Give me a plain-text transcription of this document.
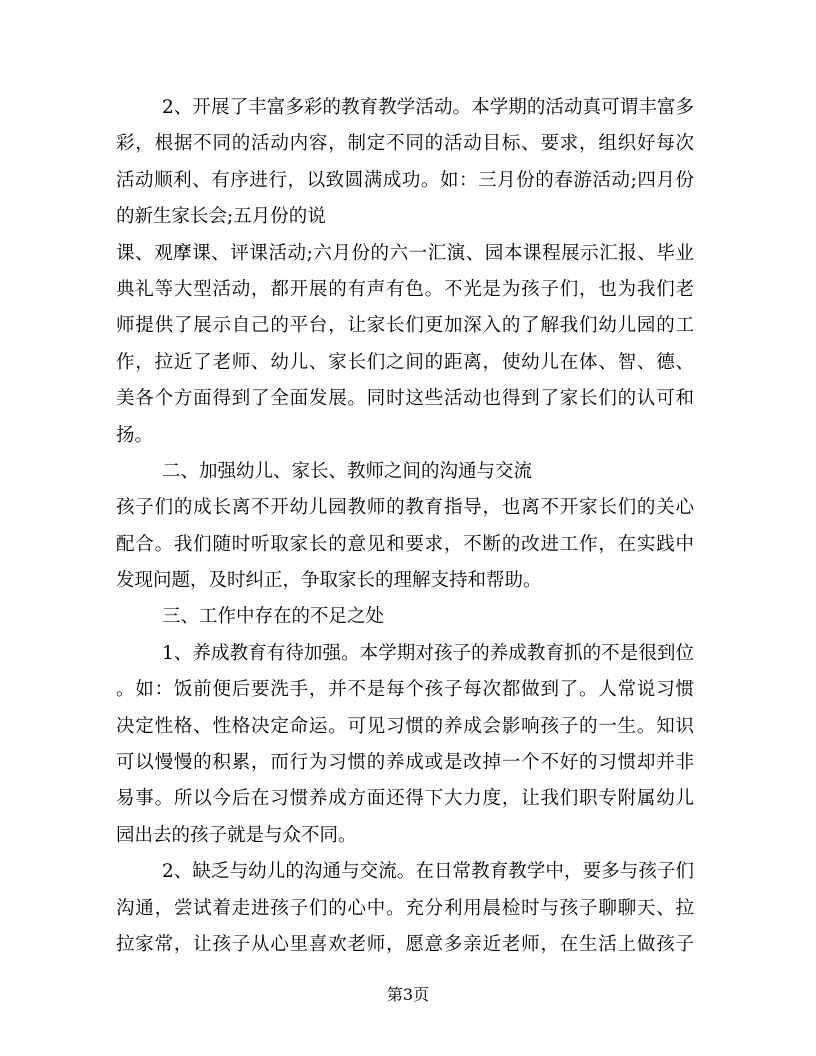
2、开展了丰富多彩的教育教学活动。本学期的活动真可谓丰富多
彩，根据不同的活动内容，制定不同的活动目标、要求，组织好每次
活动顺利、有序进行，以致圆满成功。如：三月份的春游活动;四月份
的新生家长会;五月份的说
课、观摩课、评课活动;六月份的六一汇演、园本课程展示汇报、毕业
典礼等大型活动，都开展的有声有色。不光是为孩子们，也为我们老
师提供了展示自己的平台，让家长们更加深入的了解我们幼儿园的工
作，拉近了老师、幼儿、家长们之间的距离，使幼儿在体、智、德、
美各个方面得到了全面发展。同时这些活动也得到了家长们的认可和
扬。
二、加强幼儿、家长、教师之间的沟通与交流
孩子们的成长离不开幼儿园教师的教育指导，也离不开家长们的关心
配合。我们随时听取家长的意见和要求，不断的改进工作，在实践中
发现问题，及时纠正，争取家长的理解支持和帮助。
三、工作中存在的不足之处
1、养成教育有待加强。本学期对孩子的养成教育抓的不是很到位
。如：饭前便后要洗手，并不是每个孩子每次都做到了。人常说习惯
决定性格、性格决定命运。可见习惯的养成会影响孩子的一生。知识
可以慢慢的积累，而行为习惯的养成或是改掉一个不好的习惯却并非
易事。所以今后在习惯养成方面还得下大力度，让我们职专附属幼儿
园出去的孩子就是与众不同。
2、缺乏与幼儿的沟通与交流。在日常教育教学中，要多与孩子们
沟通，尝试着走进孩子们的心中。充分利用晨检时与孩子聊聊天、拉
拉家常，让孩子从心里喜欢老师，愿意多亲近老师，在生活上做孩子
第3页
